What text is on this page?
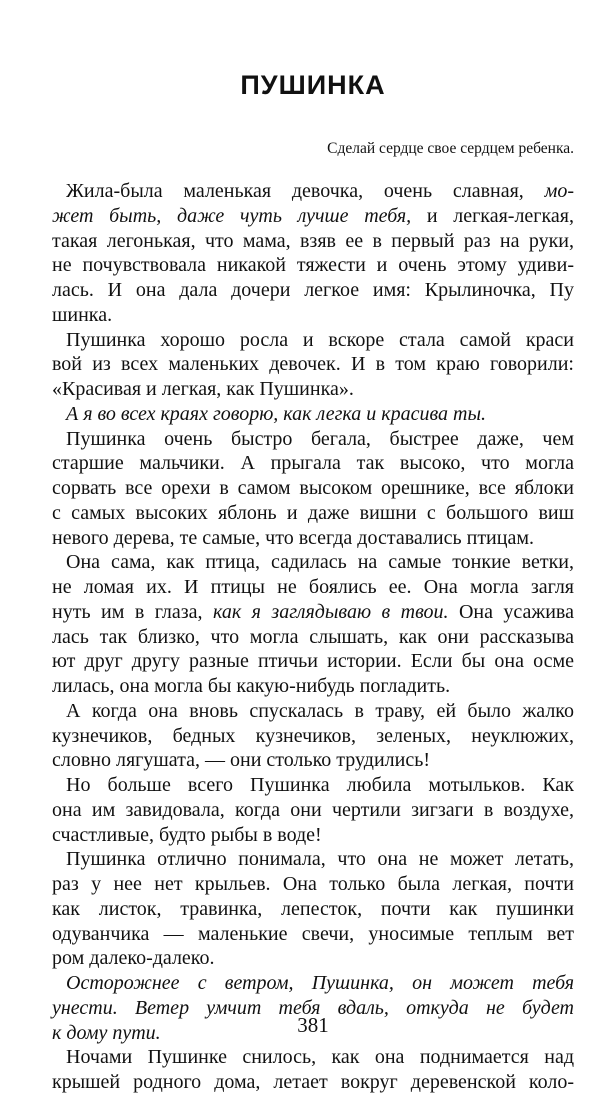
ПУШИНКА

Сделай сердце свое сердцем ребенка.

Жила-была маленькая девочка, очень славная, мо-
жет быть, даже чуть лучше тебя, и легкая-легкая,
такая легонькая, что мама, взяв ее в первый раз на руки,
не почувствовала никакой тяжести и очень этому удиви-
лась. И она дала дочери легкое имя: Крылиночка, Пу
шинка.
Пушинка хорошо росла и вскоре стала самой краси
вой из всех маленьких девочек. И в том краю говорили:
«Красивая и легкая, как Пушинка».
А я во всех краях говорю, как легка и красива ты.
Пушинка очень быстро бегала, быстрее даже, чем
старшие мальчики. А прыгала так высоко, что могла
сорвать все орехи в самом высоком орешнике, все яблоки
с самых высоких яблонь и даже вишни с большого виш
невого дерева, те самые, что всегда доставались птицам.
Она сама, как птица, садилась на самые тонкие ветки,
не ломая их. И птицы не боялись ее. Она могла загля
нуть им в глаза, как я заглядываю в твои. Она усажива
лась так близко, что могла слышать, как они рассказыва
ют друг другу разные птичьи истории. Если бы она осме
лилась, она могла бы какую-нибудь погладить.
А когда она вновь спускалась в траву, ей было жалко
кузнечиков, бедных кузнечиков, зеленых, неуклюжих,
словно лягушата, — они столько трудились!
Но больше всего Пушинка любила мотыльков. Как
она им завидовала, когда они чертили зигзаги в воздухе,
счастливые, будто рыбы в воде!
Пушинка отлично понимала, что она не может летать,
раз у нее нет крыльев. Она только была легкая, почти
как листок, травинка, лепесток, почти как пушинки
одуванчика — маленькие свечи, уносимые теплым вет
ром далеко-далеко.
Осторожнее с ветром, Пушинка, он может тебя
унести. Ветер умчит тебя вдаль, откуда не будет
к дому пути.
Ночами Пушинке снилось, как она поднимается над
крышей родного дома, летает вокруг деревенской коло-

381
